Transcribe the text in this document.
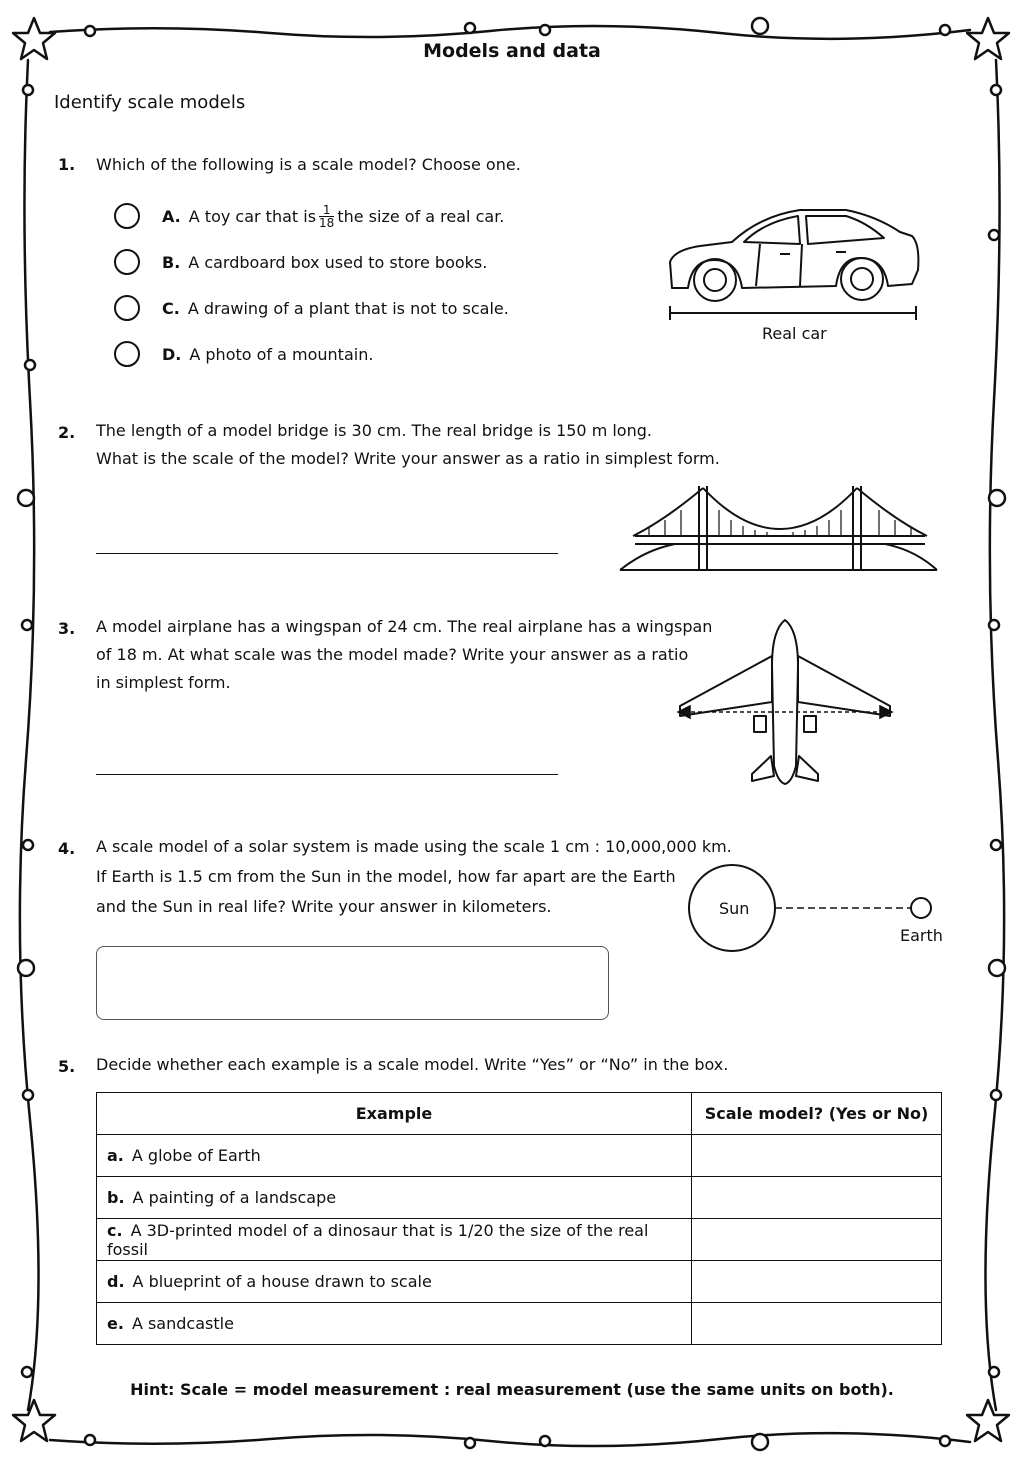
Models and data
Identify scale models
1. Which of the following is a scale model? Choose one.
A. A toy car that is $\frac{1}{18}$ the size of a real car.
B. A cardboard box used to store books.
C. A drawing of a plant that is not to scale.
D. A photo of a mountain.
Real car
2. The length of a model bridge is 30 cm. The real bridge is 150 m long.
What is the scale of the model? Write your answer as a ratio in simplest form.
3. A model airplane has a wingspan of 24 cm. The real airplane has a wingspan
of 18 m. At what scale was the model made? Write your answer as a ratio
in simplest form.
4. A scale model of a solar system is made using the scale 1 cm : 10,000,000 km.
If Earth is 1.5 cm from the Sun in the model, how far apart are the Earth
and the Sun in real life? Write your answer in kilometers.	Sun
Earth
5. Decide whether each example is a scale model. Write “Yes” or “No” in the box.
Example	Scale model? (Yes or No)
a. A globe of Earth	
b. A painting of a landscape	
c. A 3D-printed model of a dinosaur that is 1/20 the size of the real fossil	
d. A blueprint of a house drawn to scale	
e. A sandcastle	
Hint: Scale = model measurement : real measurement (use the same units on both).
